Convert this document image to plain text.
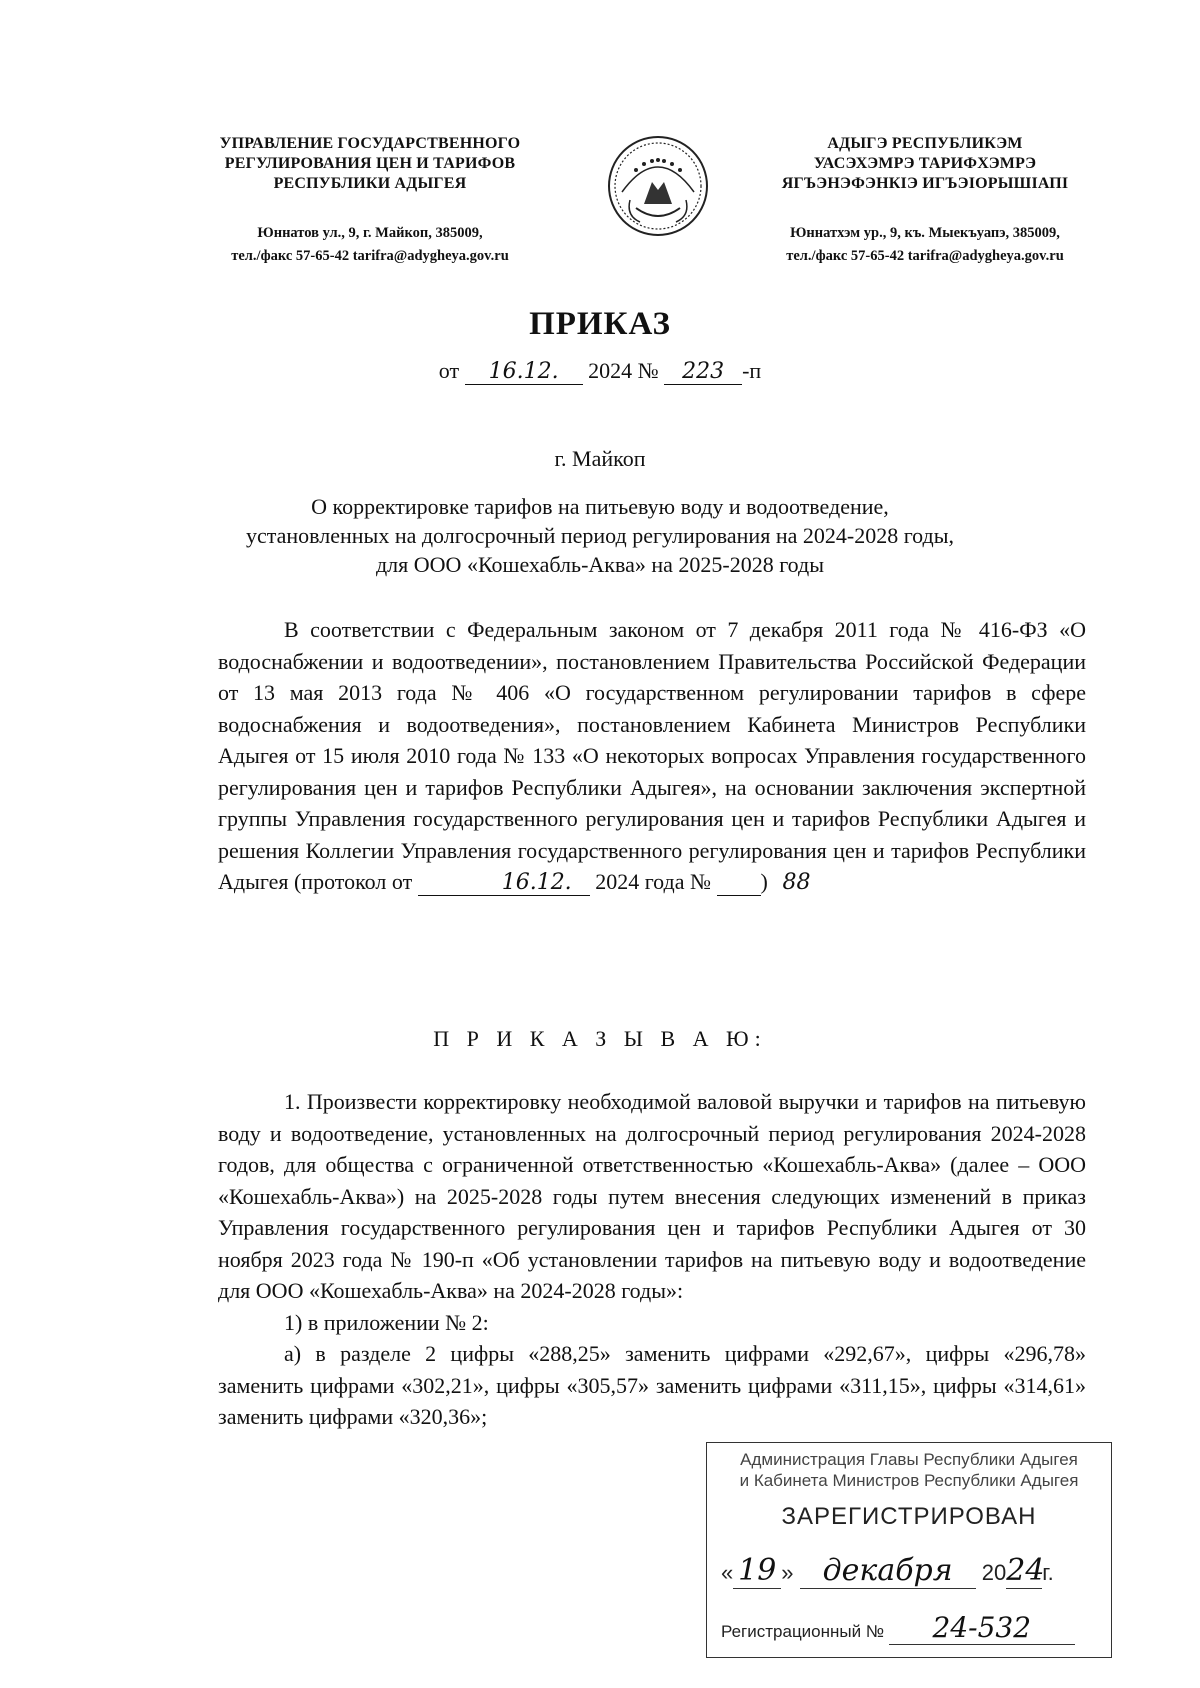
УПРАВЛЕНИЕ ГОСУДАРСТВЕННОГО
РЕГУЛИРОВАНИЯ ЦЕН И ТАРИФОВ
РЕСПУБЛИКИ АДЫГЕЯ
Юннатов ул., 9, г. Майкоп, 385009,
тел./факс 57-65-42 tarifra@adygheya.gov.ru
АДЫГЭ РЕСПУБЛИКЭМ
УАСЭХЭМРЭ ТАРИФХЭМРЭ
ЯГЪЭНЭФЭНКIЭ ИГЪЭIОРЫШIАПI
Юннатхэм ур., 9, къ. Мыекъуапэ, 385009,
тел./факс 57-65-42 tarifra@adygheya.gov.ru
ПРИКАЗ
от 16.12. 2024 № 223 -п
г. Майкоп
О корректировке тарифов на питьевую воду и водоотведение,
установленных на долгосрочный период регулирования на 2024-2028 годы,
для ООО «Кошехабль-Аква» на 2025-2028 годы
В соответствии с Федеральным законом от 7 декабря 2011 года № 416-ФЗ «О водоснабжении и водоотведении», постановлением Правительства Российской Федерации от 13 мая 2013 года № 406 «О государственном регулировании тарифов в сфере водоснабжения и водоотведения», постановлением Кабинета Министров Республики Адыгея от 15 июля 2010 года № 133 «О некоторых вопросах Управления государственного регулирования цен и тарифов Республики Адыгея», на основании заключения экспертной группы Управления государственного регулирования цен и тарифов Республики Адыгея и решения Коллегии Управления государственного регулирования цен и тарифов Республики Адыгея (протокол от	16.12. 2024 года №	88)
П Р И К А З Ы В А Ю:
1. Произвести корректировку необходимой валовой выручки и тарифов на питьевую воду и водоотведение, установленных на долгосрочный период регулирования 2024-2028 годов, для общества с ограниченной ответственностью «Кошехабль-Аква» (далее – ООО «Кошехабль-Аква») на 2025-2028 годы путем внесения следующих изменений в приказ Управления государственного регулирования цен и тарифов Республики Адыгея от 30 ноября 2023 года № 190-п «Об установлении тарифов на питьевую воду и водоотведение для ООО «Кошехабль-Аква» на 2024-2028 годы»:
1) в приложении № 2:
а) в разделе 2 цифры «288,25» заменить цифрами «292,67», цифры «296,78» заменить цифрами «302,21», цифры «305,57» заменить цифрами «311,15», цифры «314,61» заменить цифрами «320,36»;
Администрация Главы Республики Адыгея
и Кабинета Министров Республики Адыгея
ЗАРЕГИСТРИРОВАН
« 19 » декабря 2024г.
Регистрационный № 24-532
